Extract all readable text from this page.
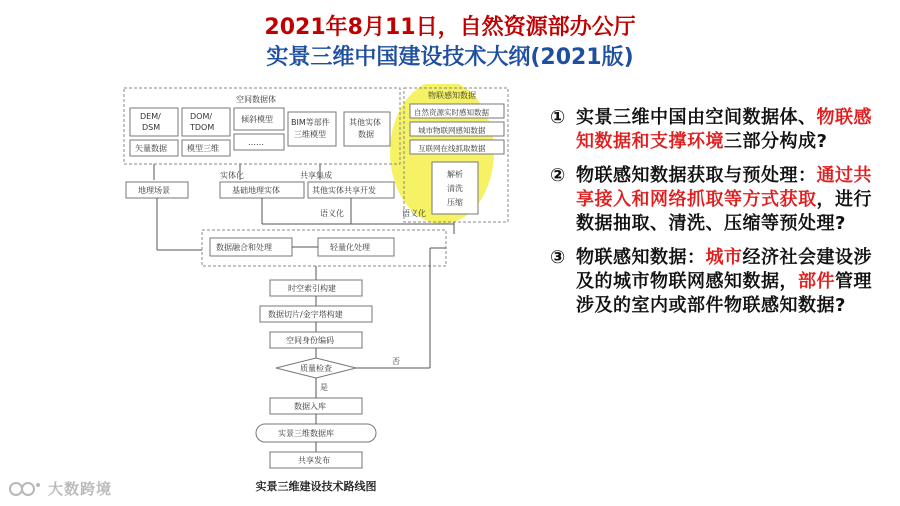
2021年8月11日，自然资源部办公厅
实景三维中国建设技术大纲(2021版)
空间数据体
DEM/
DSM
DOM/
TDOM
倾斜模型
矢量数据	模型三维
……
BIM等部件
三维模型
其他实体
数据
物联感知数据
自然资源实时感知数据
城市物联网感知数据
互联网在线抓取数据
解析
清洗
压缩
实体化	共享集成
语义化	语义化
地理场景	基础地理实体	其他实体共享开发
数据融合和处理	轻量化处理
时空索引构建
数据切片/金字塔构建
空间身份编码
质量检查
否
是
数据入库
实景三维数据库
共享发布
实景三维建设技术路线图
① 实景三维中国由空间数据体、物联感知数据和支撑环境三部分构成?
② 物联感知数据获取与预处理：通过共享接入和网络抓取等方式获取，进行数据抽取、清洗、压缩等预处理?
③ 物联感知数据：城市经济社会建设涉及的城市物联网感知数据，部件管理涉及的室内或部件物联感知数据?
大数跨境
